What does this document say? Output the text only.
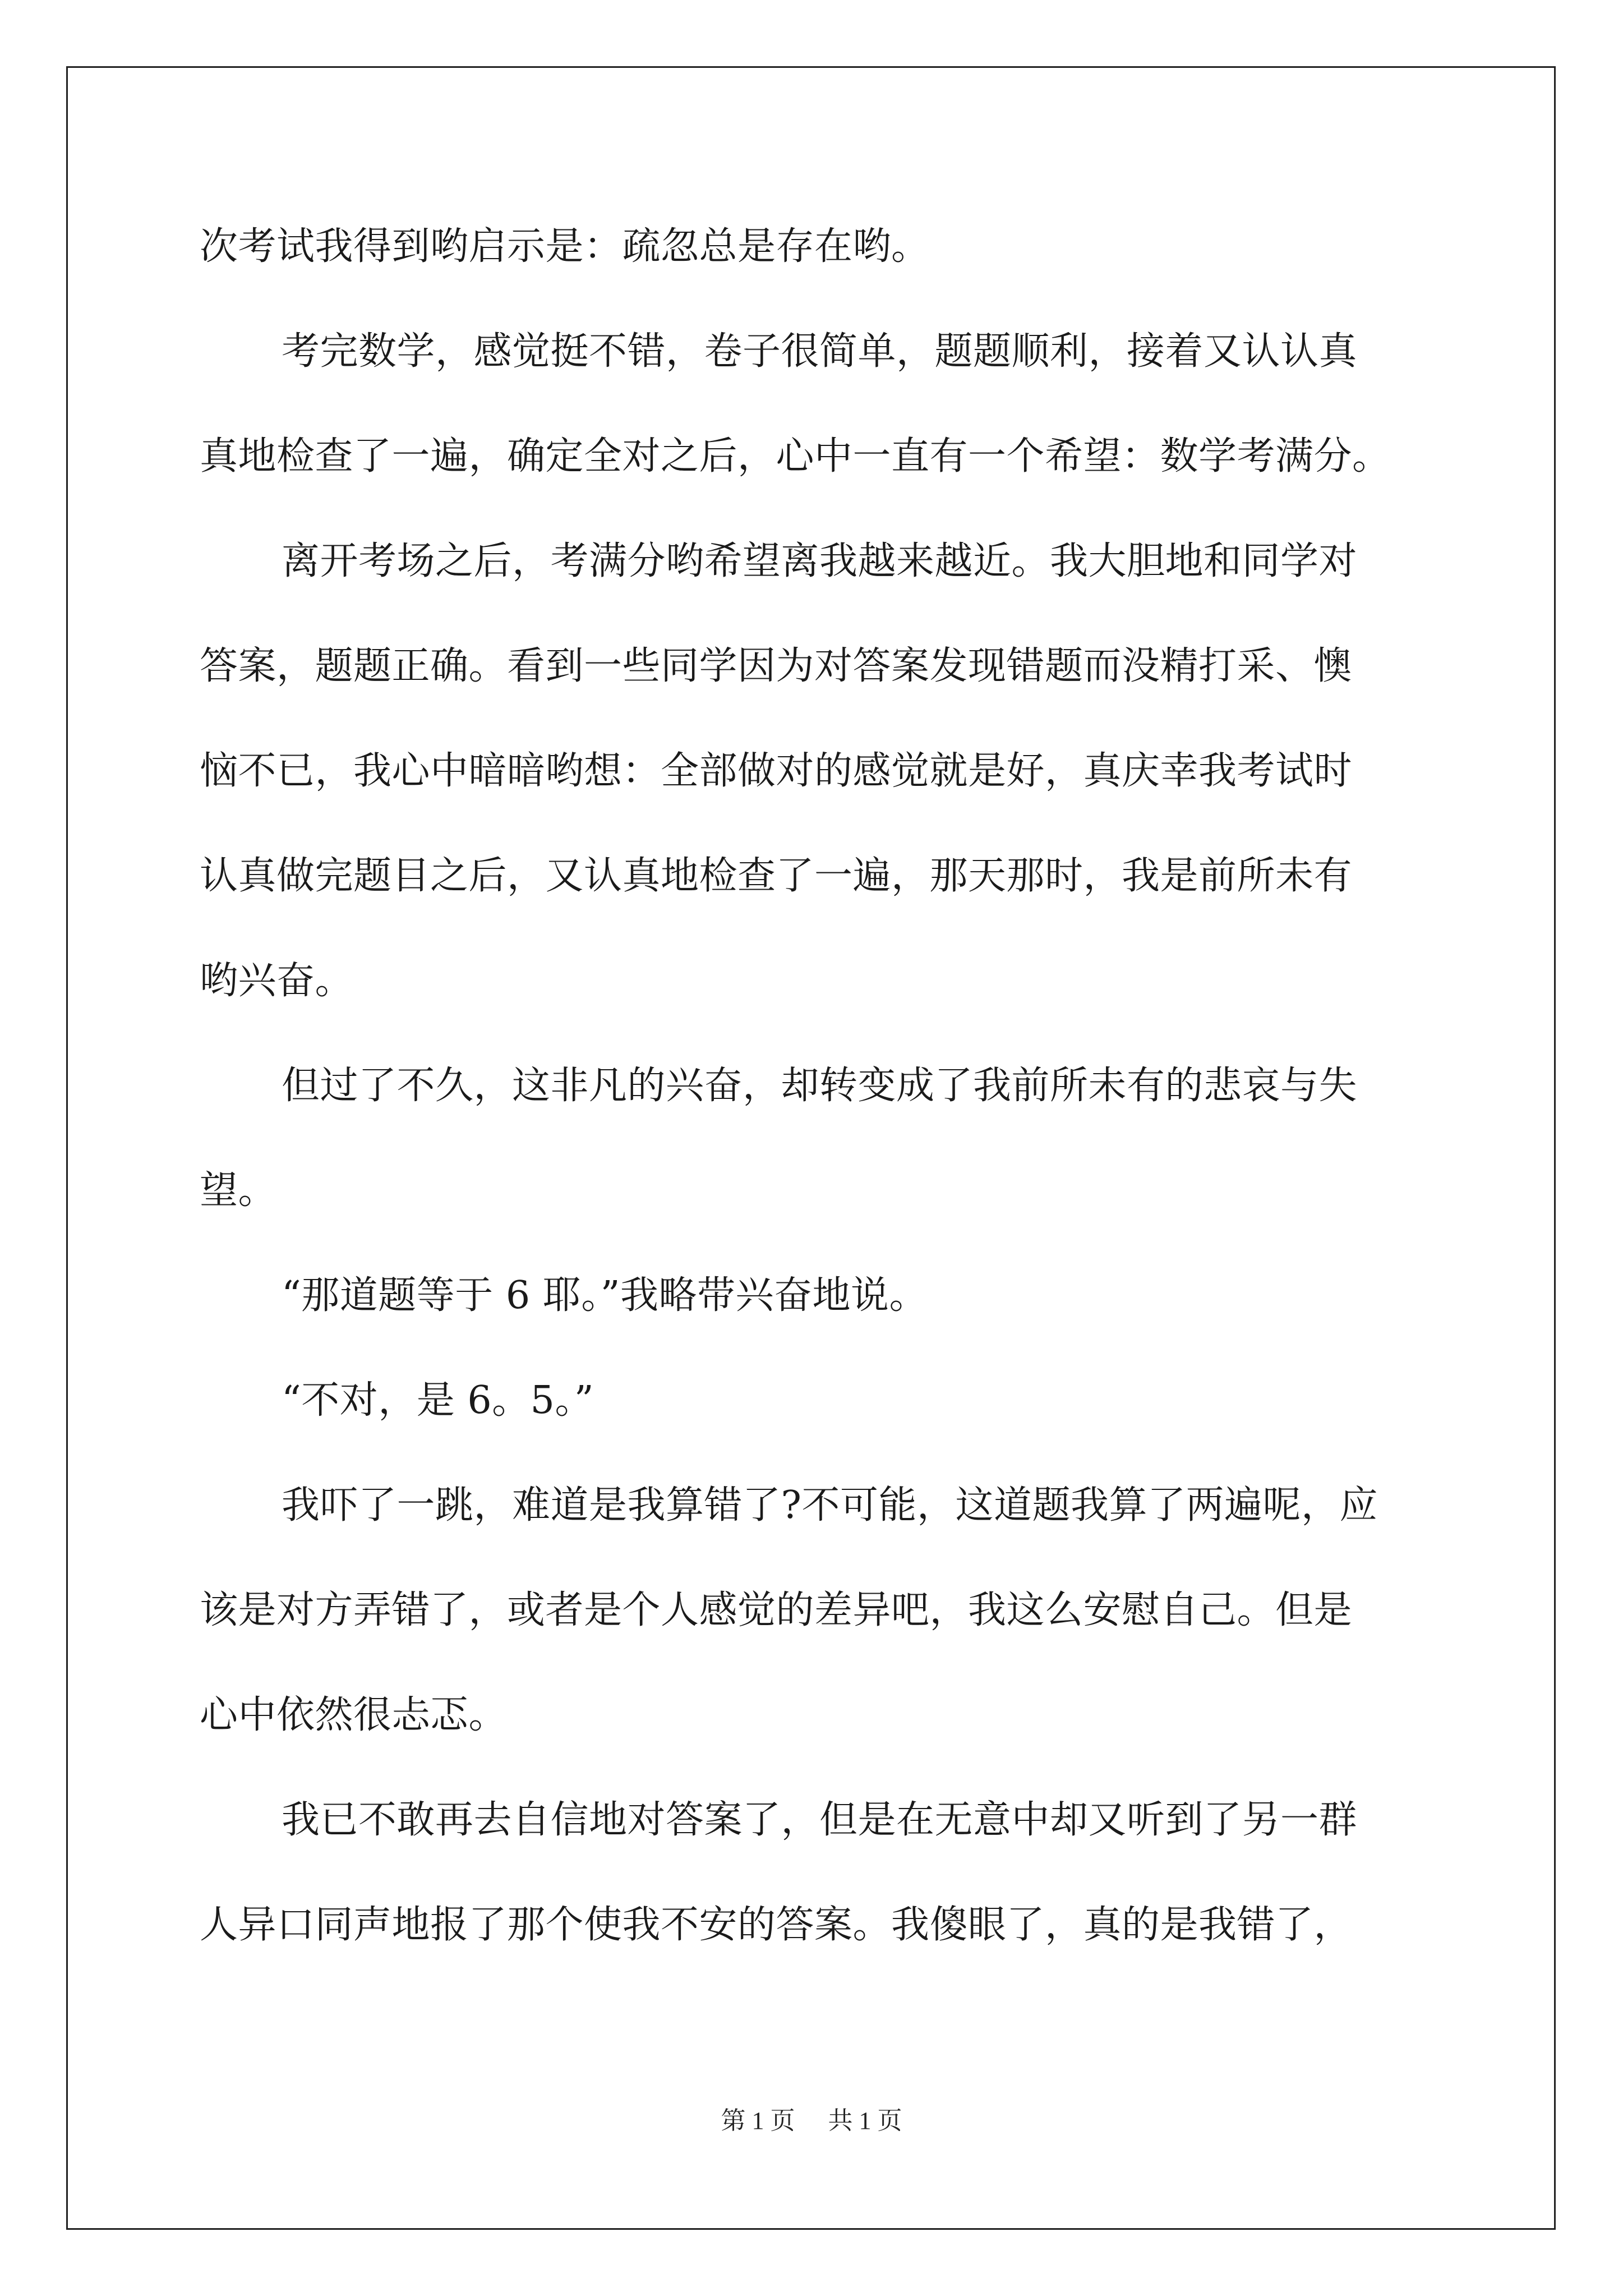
次考试我得到哟启示是：疏忽总是存在哟。
考完数学，感觉挺不错，卷子很简单，题题顺利，接着又认认真
真地检查了一遍，确定全对之后，心中一直有一个希望：数学考满分。
离开考场之后，考满分哟希望离我越来越近。我大胆地和同学对
答案，题题正确。看到一些同学因为对答案发现错题而没精打采、懊
恼不已，我心中暗暗哟想：全部做对的感觉就是好，真庆幸我考试时
认真做完题目之后，又认真地检查了一遍，那天那时，我是前所未有
哟兴奋。
但过了不久，这非凡的兴奋，却转变成了我前所未有的悲哀与失
望。
“那道题等于 6 耶。”我略带兴奋地说。
“不对，是 6。5。”
我吓了一跳，难道是我算错了?不可能，这道题我算了两遍呢，应
该是对方弄错了，或者是个人感觉的差异吧，我这么安慰自己。但是
心中依然很忐忑。
我已不敢再去自信地对答案了，但是在无意中却又听到了另一群
人异口同声地报了那个使我不安的答案。我傻眼了，真的是我错了，
第 1 页 共 1 页
